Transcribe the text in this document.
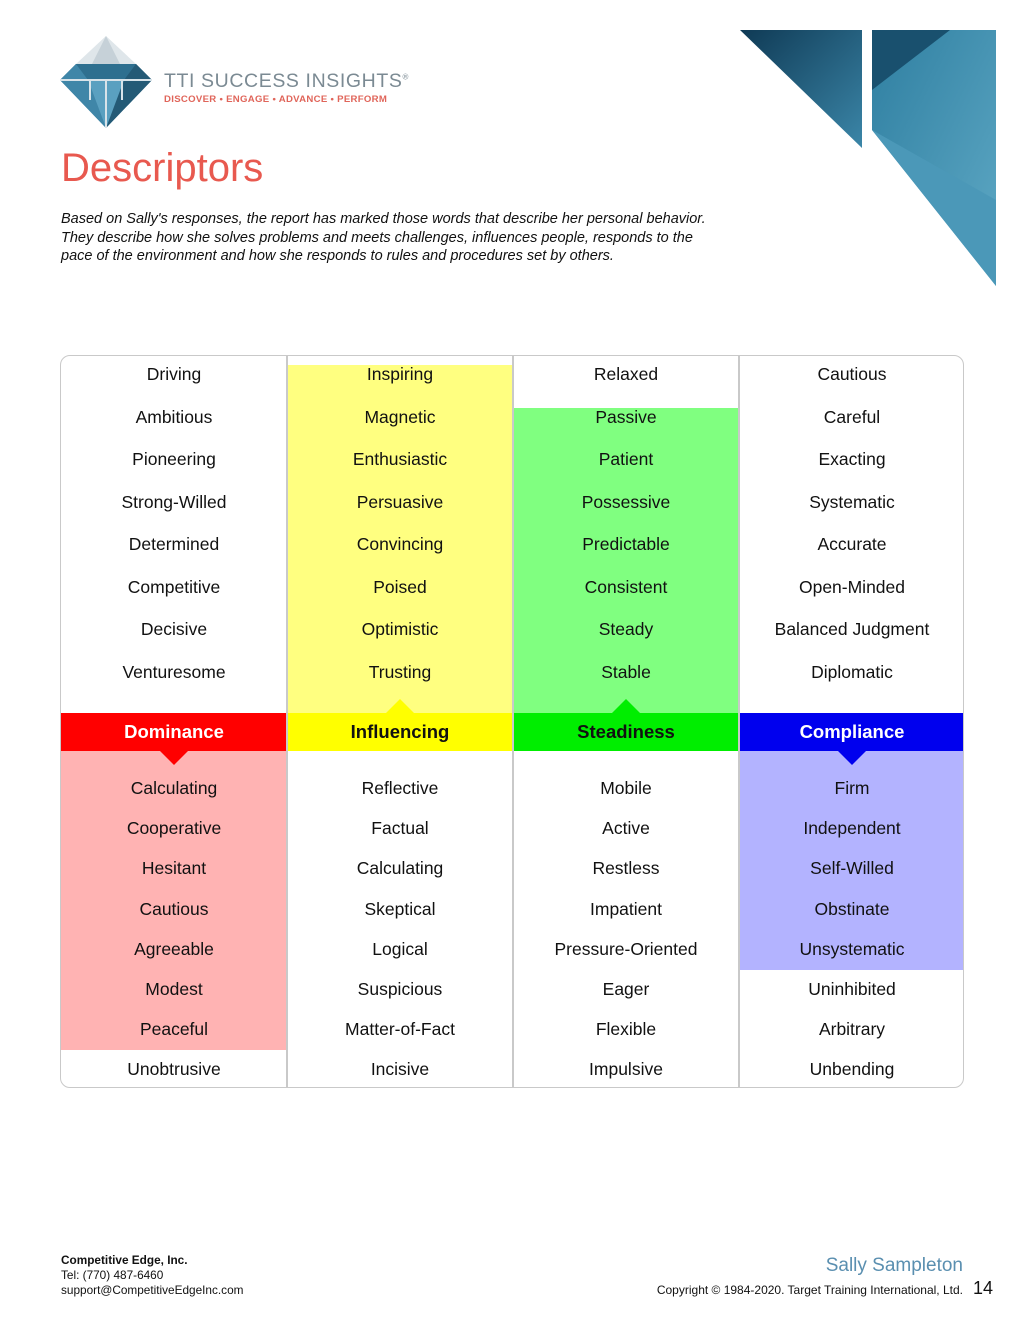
TTI SUCCESS INSIGHTS®
DISCOVER • ENGAGE • ADVANCE • PERFORM
Descriptors

Based on Sally's responses, the report has marked those words that describe her personal behavior. They describe how she solves problems and meets challenges, influences people, responds to the pace of the environment and how she responds to rules and procedures set by others.

Driving
Ambitious
Pioneering
Strong-Willed
Determined
Competitive
Decisive
Venturesome
Calculating
Cooperative
Hesitant
Cautious
Agreeable
Modest
Peaceful
Unobtrusive
Dominance
Inspiring
Magnetic
Enthusiastic
Persuasive
Convincing
Poised
Optimistic
Trusting
Reflective
Factual
Calculating
Skeptical
Logical
Suspicious
Matter-of-Fact
Incisive
Influencing
Relaxed
Passive
Patient
Possessive
Predictable
Consistent
Steady
Stable
Mobile
Active
Restless
Impatient
Pressure-Oriented
Eager
Flexible
Impulsive
Steadiness
Cautious
Careful
Exacting
Systematic
Accurate
Open-Minded
Balanced Judgment
Diplomatic
Firm
Independent
Self-Willed
Obstinate
Unsystematic
Uninhibited
Arbitrary
Unbending
Compliance
Competitive Edge, Inc.
Tel: (770) 487-6460
support@CompetitiveEdgeInc.com
Sally Sampleton
Copyright © 1984-2020. Target Training International, Ltd. 14
